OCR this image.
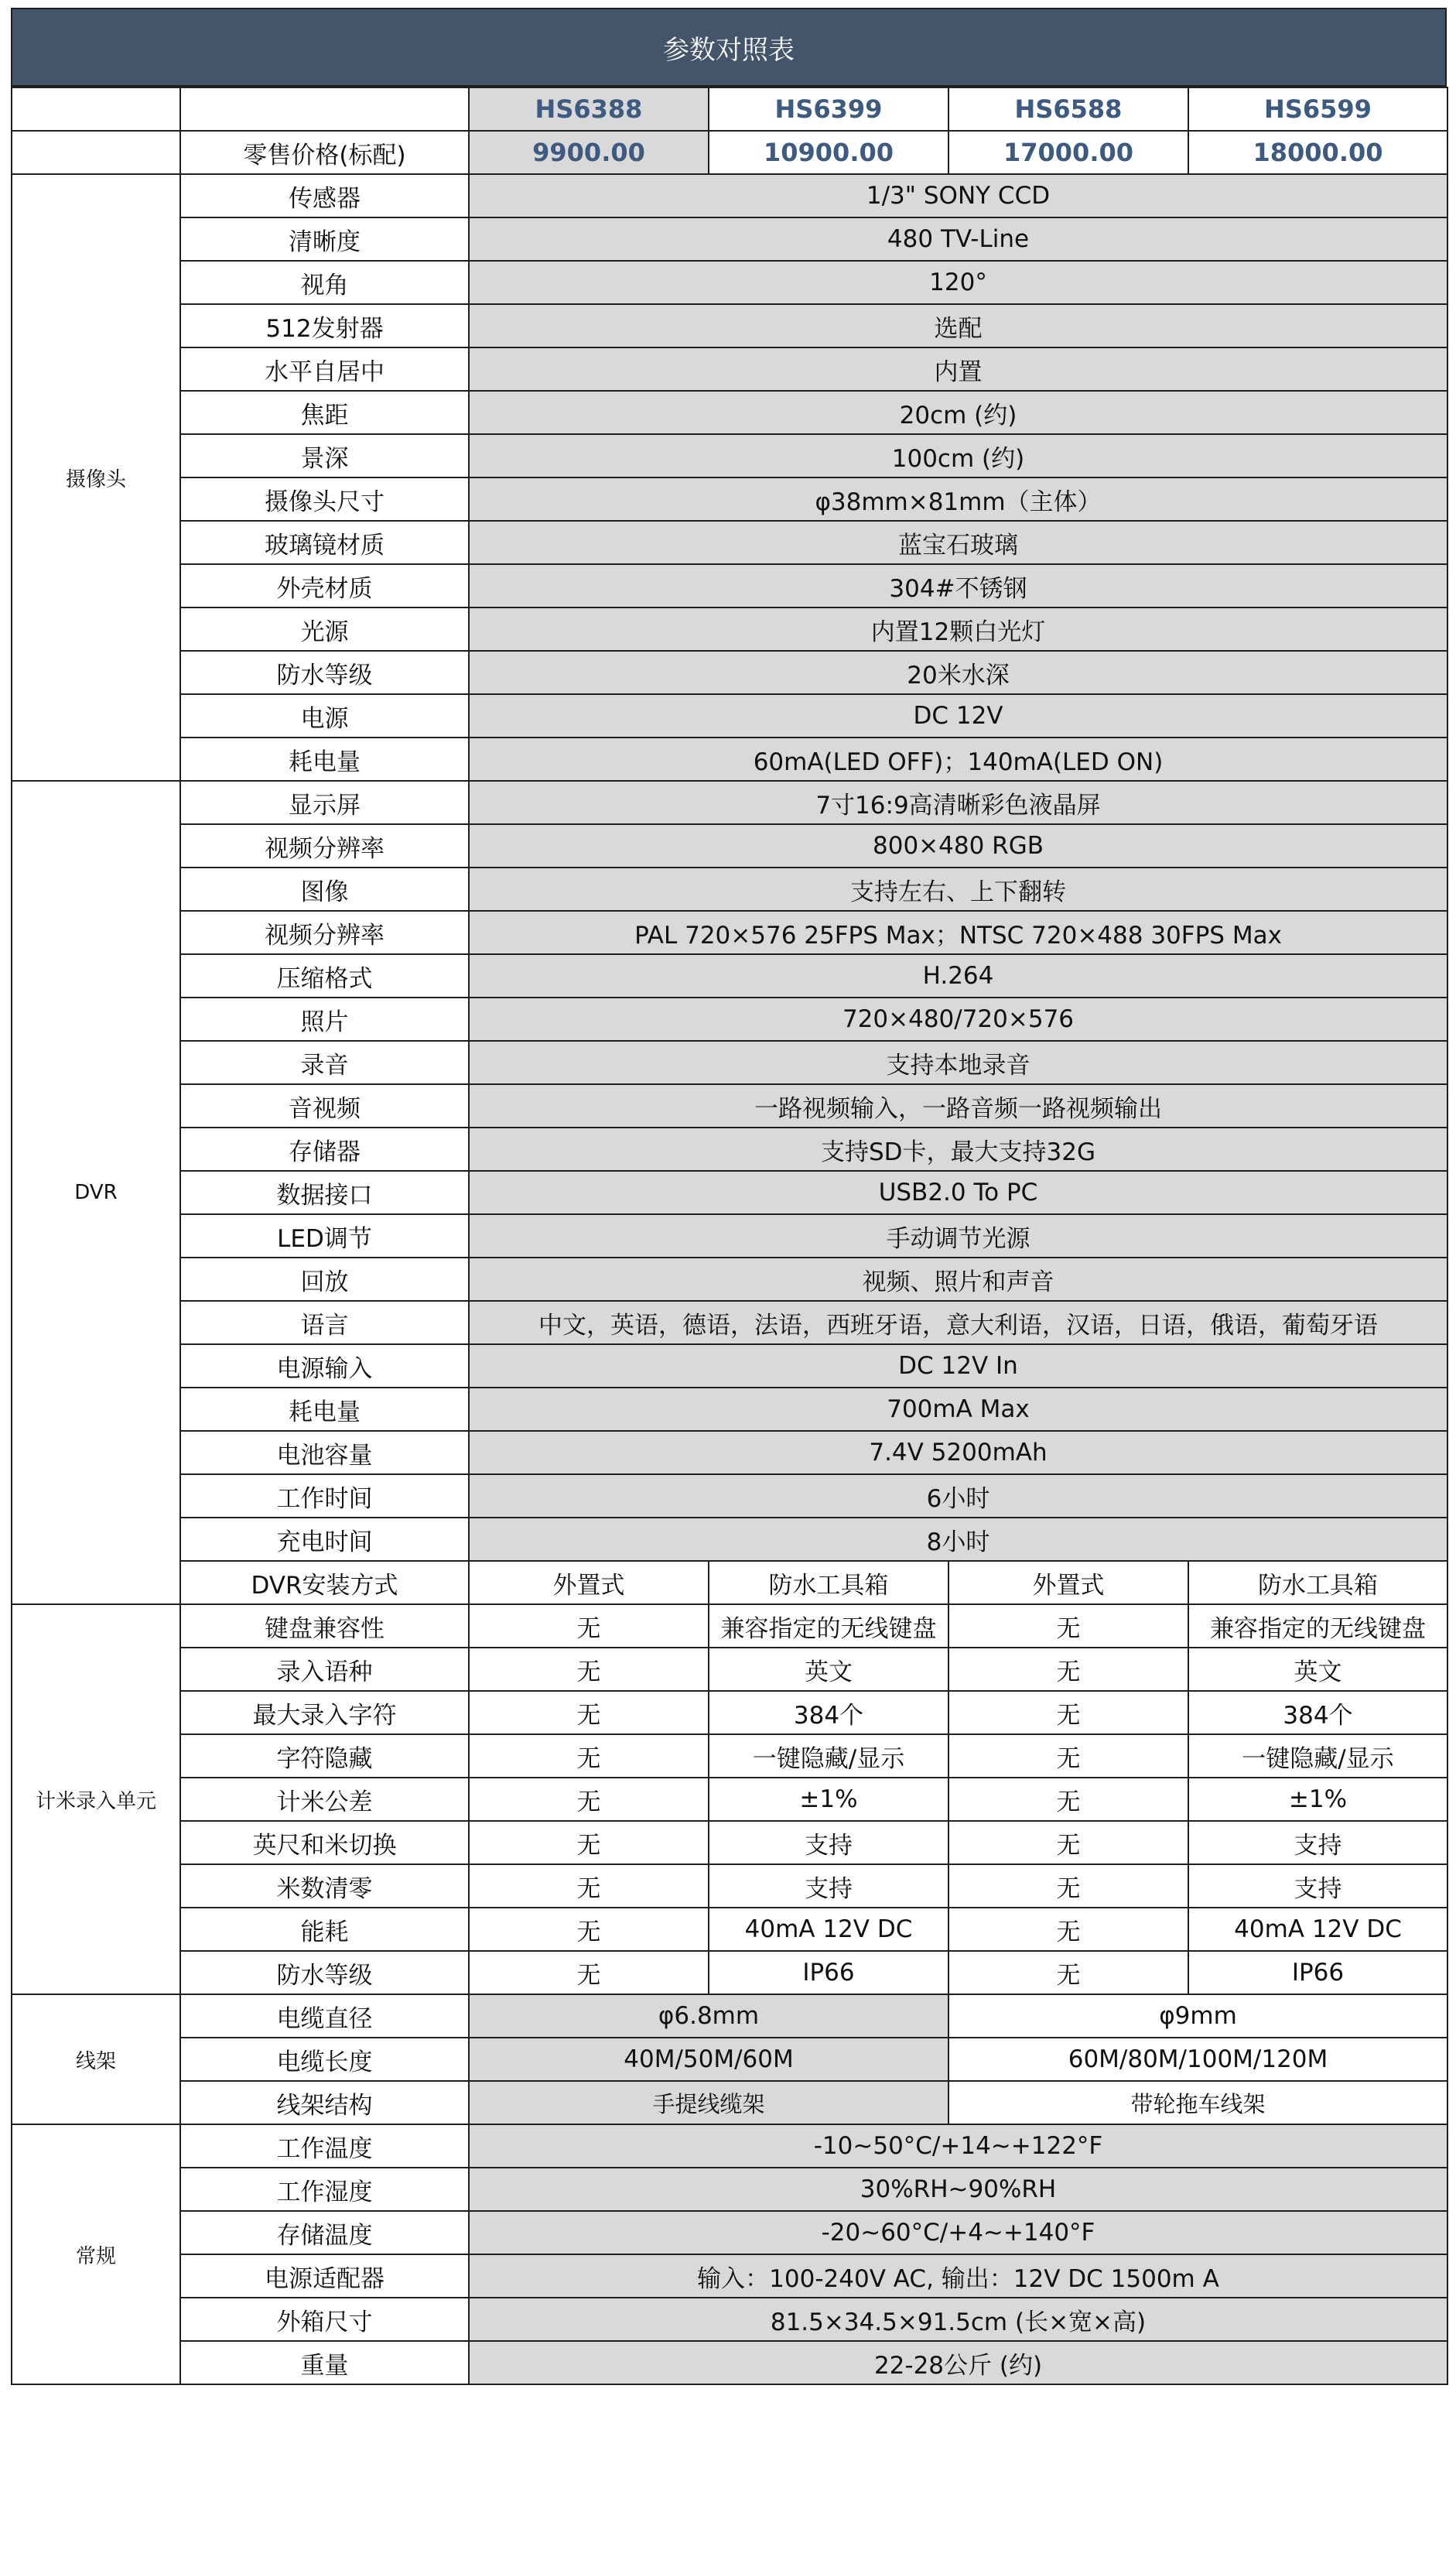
参数对照表
		HS6388	HS6399	HS6588	HS6599
	零售价格(标配)	9900.00	10900.00	17000.00	18000.00
摄像头	传感器	1/3" SONY CCD			
	清晰度	480 TV-Line			
	视角	120°			
	512发射器	选配			
	水平自居中	内置			
	焦距	20cm (约)			
	景深	100cm (约)			
	摄像头尺寸	φ38mm×81mm（主体）			
	玻璃镜材质	蓝宝石玻璃			
	外壳材质	304#不锈钢			
	光源	内置12颗白光灯			
	防水等级	20米水深			
	电源	DC 12V			
	耗电量	60mA(LED OFF)；140mA(LED ON)			
DVR	显示屏	7寸16:9高清晰彩色液晶屏			
	视频分辨率	800×480 RGB			
	图像	支持左右、上下翻转			
	视频分辨率	PAL 720×576 25FPS Max；NTSC 720×488 30FPS Max			
	压缩格式	H.264			
	照片	720×480/720×576			
	录音	支持本地录音			
	音视频	一路视频输入，一路音频一路视频输出			
	存储器	支持SD卡，最大支持32G			
	数据接口	USB2.0 To PC			
	LED调节	手动调节光源			
	回放	视频、照片和声音			
	语言	中文，英语，德语，法语，西班牙语，意大利语，汉语，日语，俄语，葡萄牙语			
	电源输入	DC 12V In			
	耗电量	700mA Max			
	电池容量	7.4V 5200mAh			
	工作时间	6小时			
	充电时间	8小时			
	DVR安装方式	外置式	防水工具箱	外置式	防水工具箱
计米录入单元	键盘兼容性	无	兼容指定的无线键盘	无	兼容指定的无线键盘
	录入语种	无	英文	无	英文
	最大录入字符	无	384个	无	384个
	字符隐藏	无	一键隐藏/显示	无	一键隐藏/显示
	计米公差	无	±1%	无	±1%
	英尺和米切换	无	支持	无	支持
	米数清零	无	支持	无	支持
	能耗	无	40mA 12V DC	无	40mA 12V DC
	防水等级	无	IP66	无	IP66
线架	电缆直径	φ6.8mm		φ9mm	
	电缆长度	40M/50M/60M		60M/80M/100M/120M	
	线架结构	手提线缆架		带轮拖车线架	
常规	工作温度	-10~50°C/+14~+122°F			
	工作湿度	30%RH~90%RH			
	存储温度	-20~60°C/+4~+140°F			
	电源适配器	输入：100-240V AC, 输出：12V DC 1500m A			
	外箱尺寸	81.5×34.5×91.5cm (长×宽×高)			
	重量	22-28公斤 (约)			
